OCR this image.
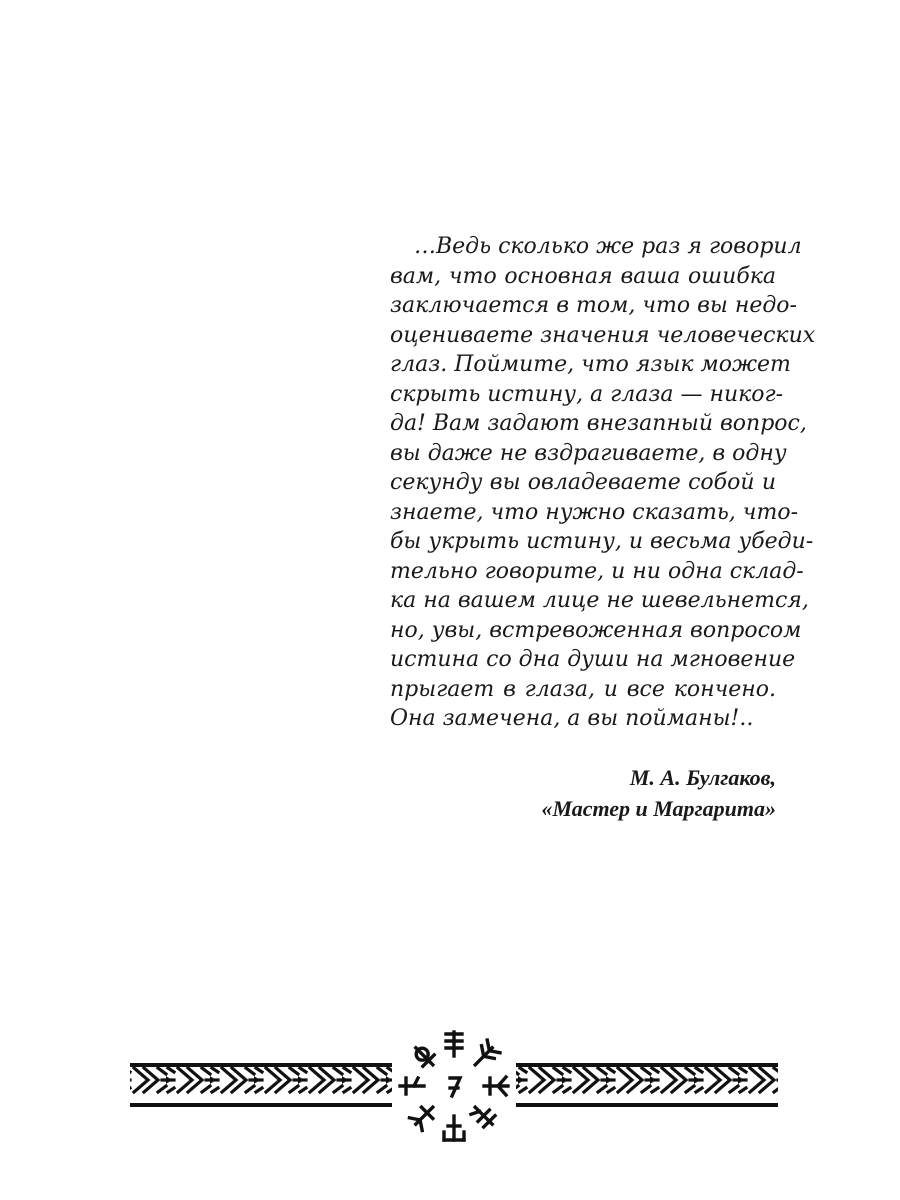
…Ведь сколько же раз я говорил
вам, что основная ваша ошибка
заключается в том, что вы недо-
оцениваете значения человеческих
глаз. Поймите, что язык может
скрыть истину, а глаза — никог-
да! Вам задают внезапный вопрос,
вы даже не вздрагиваете, в одну
секунду вы овладеваете собой и
знаете, что нужно сказать, что-
бы укрыть истину, и весьма убеди-
тельно говорите, и ни одна склад-
ка на вашем лице не шевельнется,
но, увы, встревоженная вопросом
истина со дна души на мгновение
прыгает в глаза, и все кончено.
Она замечена, а вы пойманы!..

М. А. Булгаков,
«Мастер и Маргарита»
